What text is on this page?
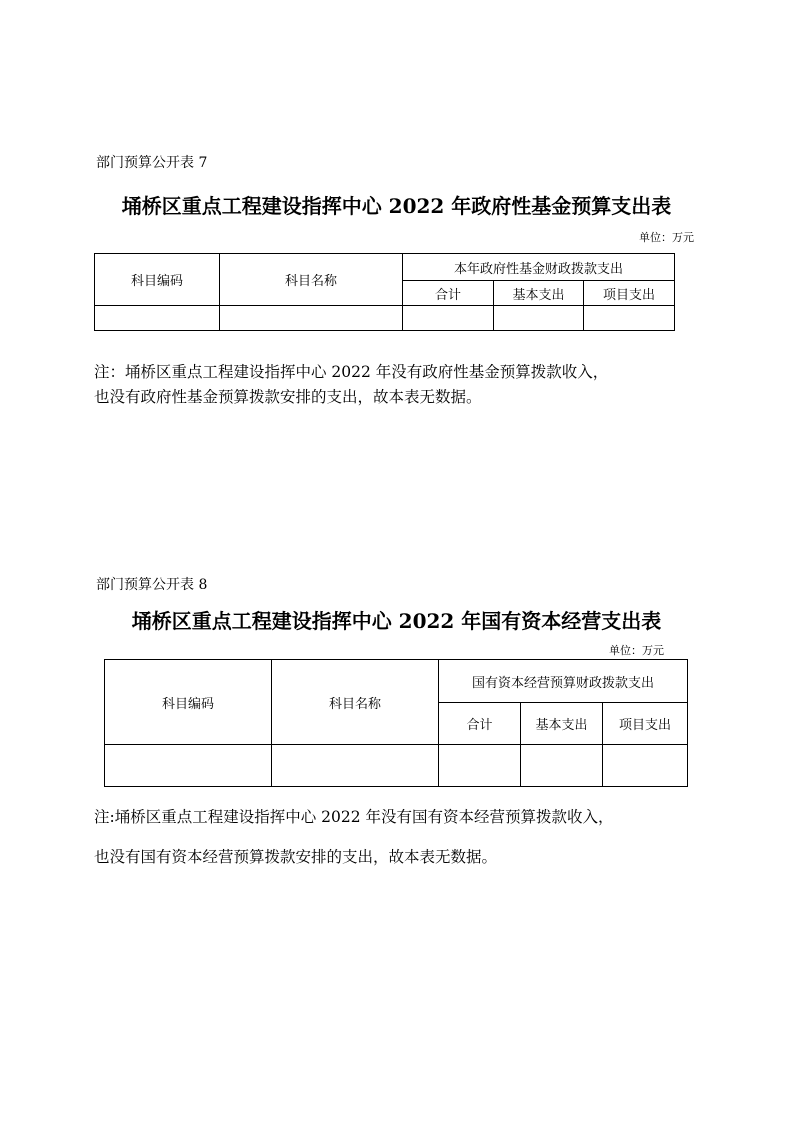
部门预算公开表 7
埇桥区重点工程建设指挥中心 2022 年政府性基金预算支出表
单位：万元
科目编码	科目名称	本年政府性基金财政拨款支出		
		合计	基本支出	项目支出

注：埇桥区重点工程建设指挥中心 2022 年没有政府性基金预算拨款收入，
也没有政府性基金预算拨款安排的支出，故本表无数据。
部门预算公开表 8
埇桥区重点工程建设指挥中心 2022 年国有资本经营支出表
单位：万元
科目编码	科目名称	国有资本经营预算财政拨款支出		
		合计	基本支出	项目支出

注:埇桥区重点工程建设指挥中心 2022 年没有国有资本经营预算拨款收入，
也没有国有资本经营预算拨款安排的支出，故本表无数据。
